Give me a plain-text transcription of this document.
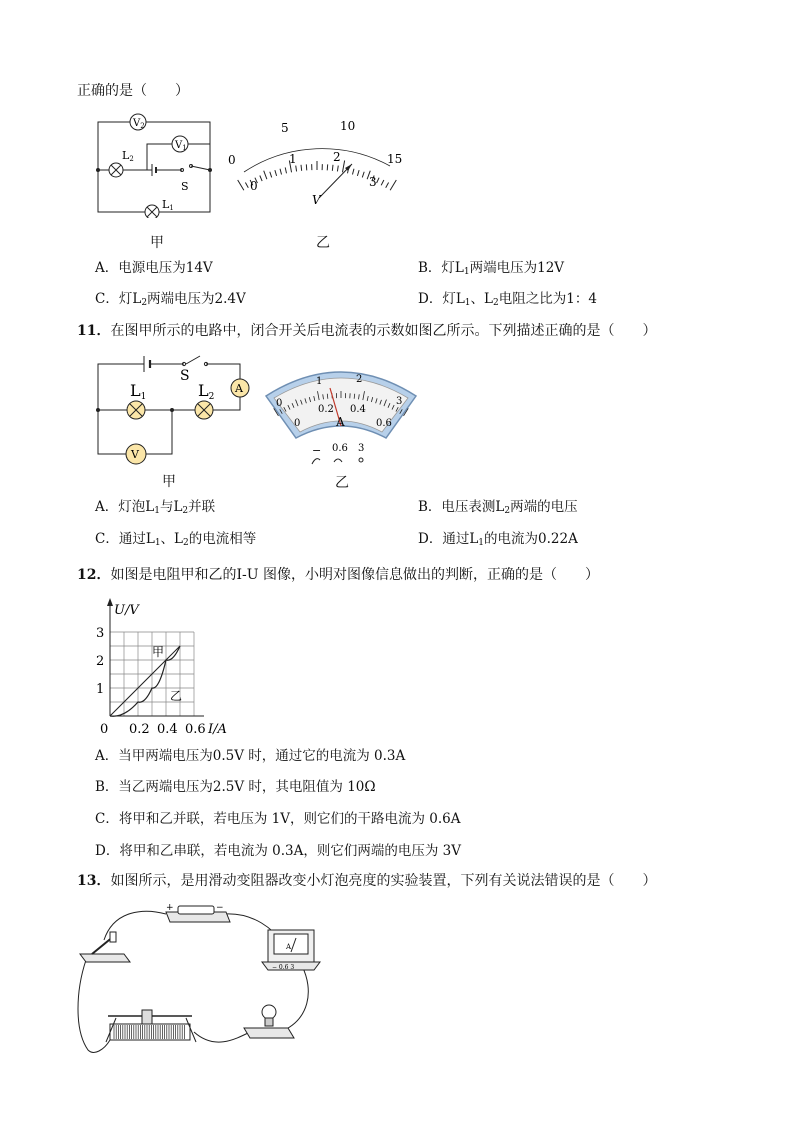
正确的是（　　）
$V_2$
$V_1$
L2
L1
S
甲
0
5	10
15
0
1	2
3
V
乙
A．电源电压为14V	B．灯$L_1$两端电压为12V
C．灯$L_2$两端电压为2.4V	D．灯$L_1$、$L_2$电阻之比为1：4
11．在图甲所示的电路中，闭合开关后电流表的示数如图乙所示。下列描述正确的是（　　）
S
L1	L2
A
V
甲
0
1	2
3
0
0.2 0.4
0.6
A
− 0.6 3
乙
A．灯泡$L_1$与$L_2$并联	B．电压表测$L_2$两端的电压
C．通过$L_1$、$L_2$的电流相等	D．通过$L_1$的电流为0.22A
12．如图是电阻甲和乙的I-U 图像，小明对图像信息做出的判断，正确的是（　　）
U/V
I/A
1
2
3
0 0.2 0.4 0.6
甲
乙
A．当甲两端电压为0.5V 时，通过它的电流为 0.3A
B．当乙两端电压为2.5V 时，其电阻值为 10Ω
C．将甲和乙并联，若电压为 1V，则它们的干路电流为 0.6A
D．将甲和乙串联，若电流为 0.3A，则它们两端的电压为 3V
13．如图所示，是用滑动变阻器改变小灯泡亮度的实验装置，下列有关说法错误的是（　　）
+	−
A
− 0.6 3
